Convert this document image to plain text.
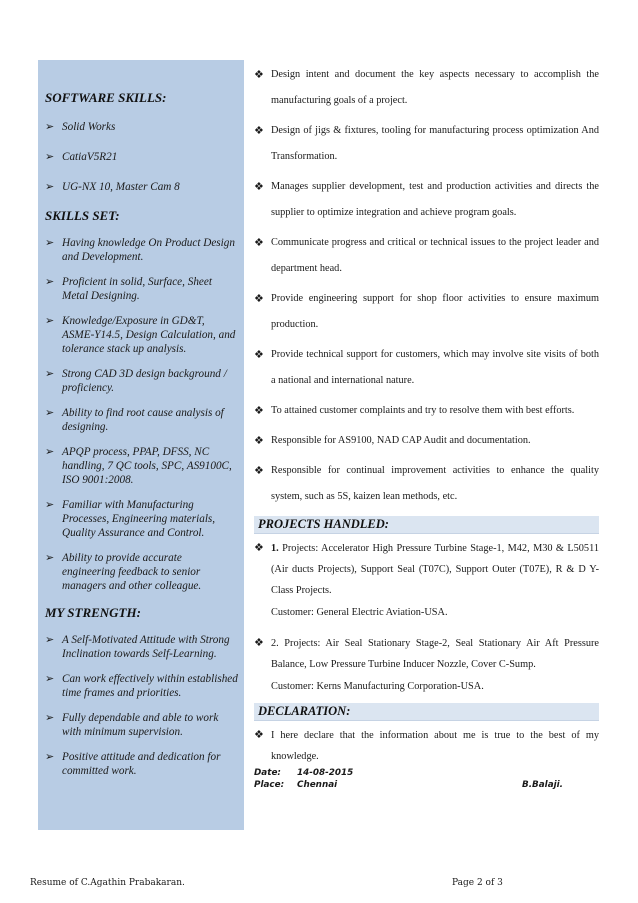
SOFTWARE SKILLS:
➢ Solid Works
➢ CatiaV5R21
➢ UG-NX 10, Master Cam 8
SKILLS SET:
➢ Having knowledge On Product Design and Development.
➢ Proficient in solid, Surface, Sheet Metal Designing.
➢ Knowledge/Exposure in GD&T, ASME-Y14.5, Design Calculation, and tolerance stack up analysis.
➢ Strong CAD 3D design background / proficiency.
➢ Ability to find root cause analysis of designing.
➢ APQP process, PPAP, DFSS, NC handling, 7 QC tools, SPC, AS9100C, ISO 9001:2008.
➢ Familiar with Manufacturing Processes, Engineering materials, Quality Assurance and Control.
➢ Ability to provide accurate engineering feedback to senior managers and other colleague.
MY STRENGTH:
➢ A Self-Motivated Attitude with Strong Inclination towards Self-Learning.
➢ Can work effectively within established time frames and priorities.
➢ Fully dependable and able to work with minimum supervision.
➢ Positive attitude and dedication for committed work.
❖ Design intent and document the key aspects necessary to accomplish the manufacturing goals of a project.
❖ Design of jigs & fixtures, tooling for manufacturing process optimization And Transformation.
❖ Manages supplier development, test and production activities and directs the supplier to optimize integration and achieve program goals.
❖ Communicate progress and critical or technical issues to the project leader and department head.
❖ Provide engineering support for shop floor activities to ensure maximum production.
❖ Provide technical support for customers, which may involve site visits of both a national and international nature.
❖ To attained customer complaints and try to resolve them with best efforts.
❖ Responsible for AS9100, NAD CAP Audit and documentation.
❖ Responsible for continual improvement activities to enhance the quality system, such as 5S, kaizen lean methods, etc.
PROJECTS HANDLED:
❖ 1. Projects: Accelerator High Pressure Turbine Stage-1, M42, M30 & L50511 (Air ducts Projects), Support Seal (T07C), Support Outer (T07E), R & D Y-Class Projects.
Customer: General Electric Aviation-USA.
❖ 2. Projects: Air Seal Stationary Stage-2, Seal Stationary Air Aft Pressure Balance, Low Pressure Turbine Inducer Nozzle, Cover C-Sump.
Customer: Kerns Manufacturing Corporation-USA.
DECLARATION:
❖ I here declare that the information about me is true to the best of my knowledge.
Date:	14-08-2015
Place:	Chennai	B.Balaji.
Resume of C.Agathin Prabakaran.	Page 2 of 3
